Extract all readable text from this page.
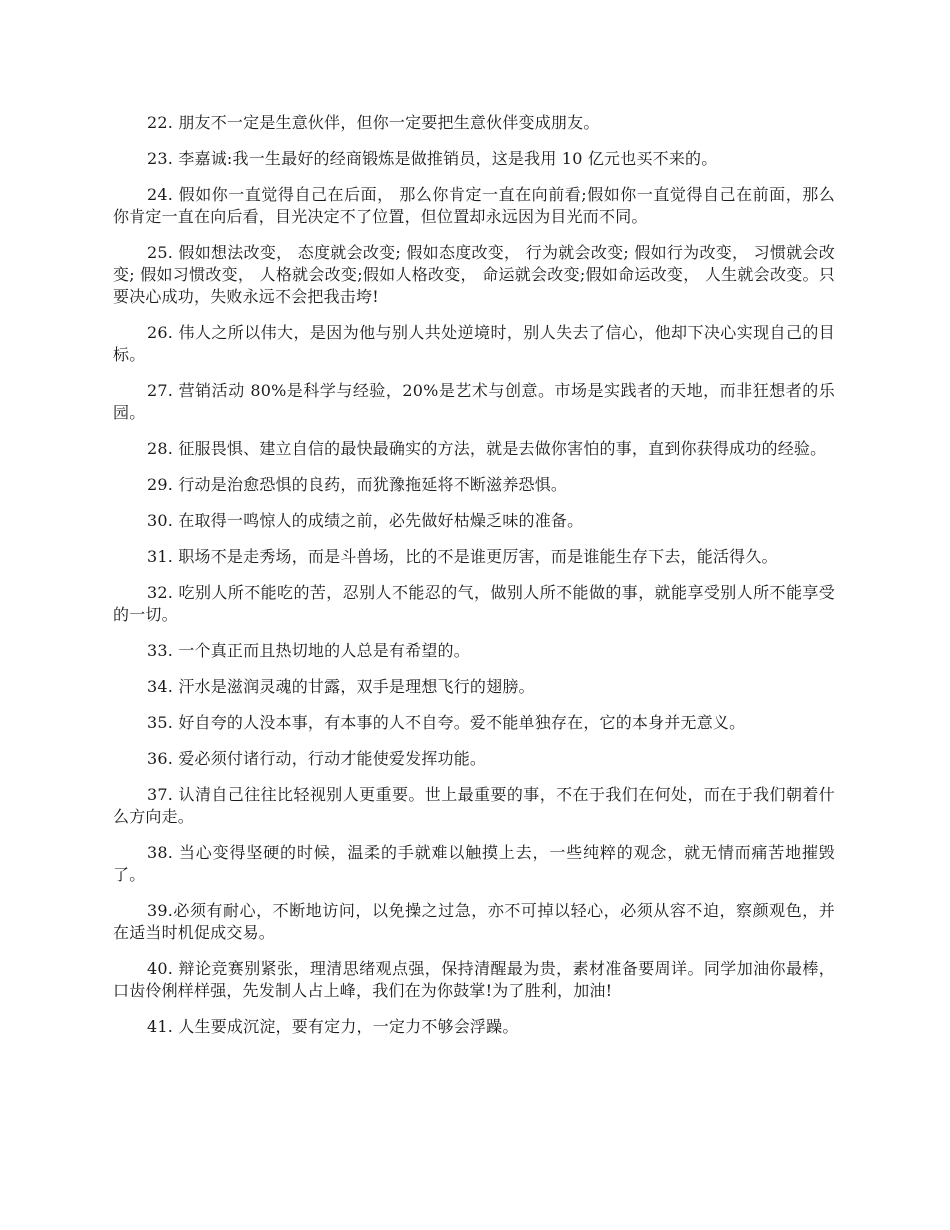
22. 朋友不一定是生意伙伴，但你一定要把生意伙伴变成朋友。

23. 李嘉诚:我一生最好的经商锻炼是做推销员，这是我用 10 亿元也买不来的。

24. 假如你一直觉得自己在后面， 那么你肯定一直在向前看;假如你一直觉得自己在前面，那么你肯定一直在向后看，目光决定不了位置，但位置却永远因为目光而不同。

25. 假如想法改变， 态度就会改变; 假如态度改变， 行为就会改变; 假如行为改变， 习惯就会改变; 假如习惯改变， 人格就会改变;假如人格改变， 命运就会改变;假如命运改变， 人生就会改变。只要决心成功，失败永远不会把我击垮!

26. 伟人之所以伟大，是因为他与别人共处逆境时，别人失去了信心，他却下决心实现自己的目标。

27. 营销活动 80%是科学与经验，20%是艺术与创意。市场是实践者的天地，而非狂想者的乐园。

28. 征服畏惧、建立自信的最快最确实的方法，就是去做你害怕的事，直到你获得成功的经验。

29. 行动是治愈恐惧的良药，而犹豫拖延将不断滋养恐惧。

30. 在取得一鸣惊人的成绩之前，必先做好枯燥乏味的准备。

31. 职场不是走秀场，而是斗兽场，比的不是谁更厉害，而是谁能生存下去，能活得久。

32. 吃别人所不能吃的苦，忍别人不能忍的气，做别人所不能做的事，就能享受别人所不能享受的一切。

33. 一个真正而且热切地的人总是有希望的。

34. 汗水是滋润灵魂的甘露，双手是理想飞行的翅膀。

35. 好自夸的人没本事，有本事的人不自夸。爱不能单独存在，它的本身并无意义。

36. 爱必须付诸行动，行动才能使爱发挥功能。

37. 认清自己往往比轻视别人更重要。世上最重要的事，不在于我们在何处，而在于我们朝着什么方向走。

38. 当心变得坚硬的时候，温柔的手就难以触摸上去，一些纯粹的观念，就无情而痛苦地摧毁了。

39.必须有耐心，不断地访问，以免操之过急，亦不可掉以轻心，必须从容不迫，察颜观色，并在适当时机促成交易。

40. 辩论竞赛别紧张，理清思绪观点强，保持清醒最为贵，素材准备要周详。同学加油你最棒，口齿伶俐样样强，先发制人占上峰，我们在为你鼓掌!为了胜利，加油!

41. 人生要成沉淀，要有定力，一定力不够会浮躁。
